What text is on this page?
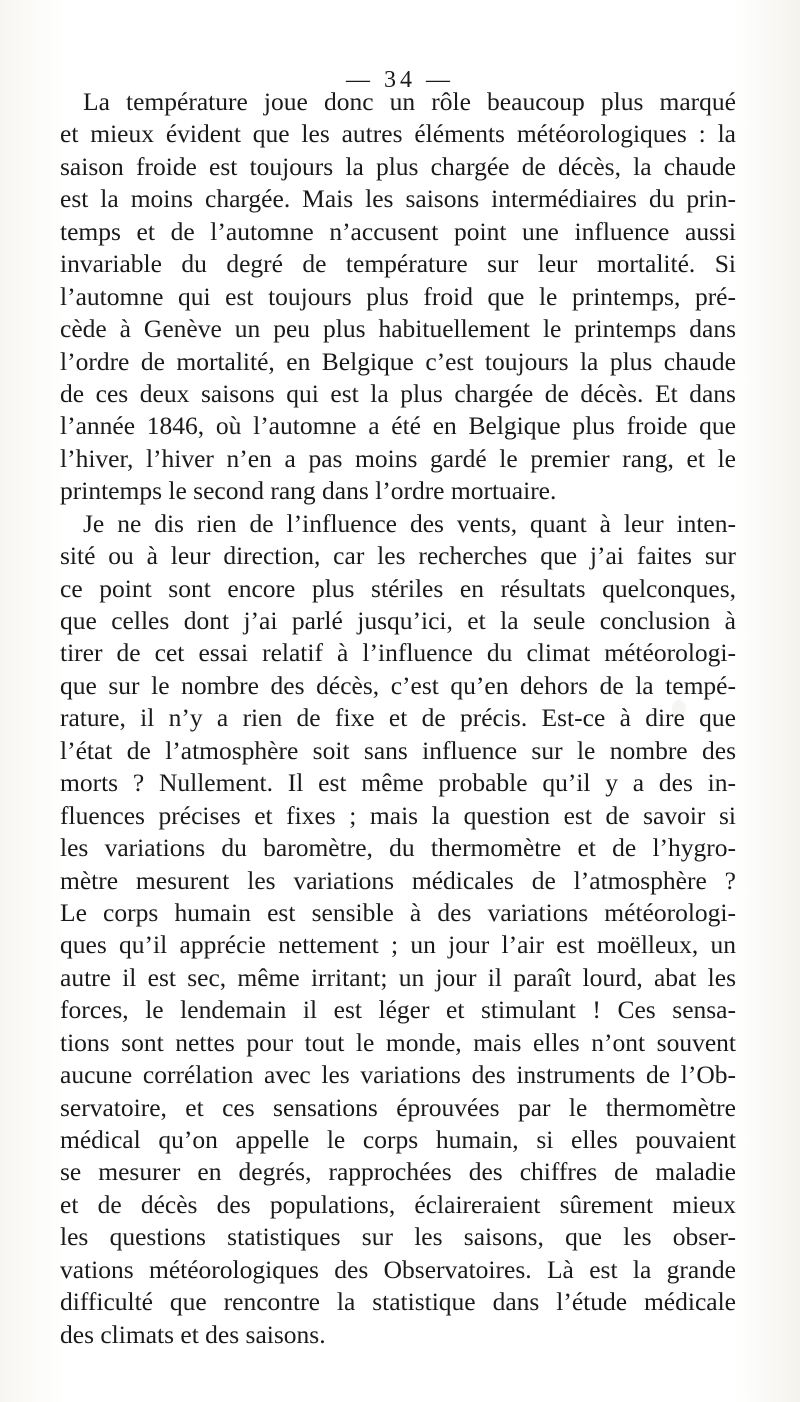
— 34 —
La température joue donc un rôle beaucoup plus marqué
et mieux évident que les autres éléments météorologiques : la
saison froide est toujours la plus chargée de décès, la chaude
est la moins chargée. Mais les saisons intermédiaires du prin-
temps et de l’automne n’accusent point une influence aussi
invariable du degré de température sur leur mortalité. Si
l’automne qui est toujours plus froid que le printemps, pré-
cède à Genève un peu plus habituellement le printemps dans
l’ordre de mortalité, en Belgique c’est toujours la plus chaude
de ces deux saisons qui est la plus chargée de décès. Et dans
l’année 1846, où l’automne a été en Belgique plus froide que
l’hiver, l’hiver n’en a pas moins gardé le premier rang, et le
printemps le second rang dans l’ordre mortuaire.
Je ne dis rien de l’influence des vents, quant à leur inten-
sité ou à leur direction, car les recherches que j’ai faites sur
ce point sont encore plus stériles en résultats quelconques,
que celles dont j’ai parlé jusqu’ici, et la seule conclusion à
tirer de cet essai relatif à l’influence du climat météorologi-
que sur le nombre des décès, c’est qu’en dehors de la tempé-
rature, il n’y a rien de fixe et de précis. Est-ce à dire que
l’état de l’atmosphère soit sans influence sur le nombre des
morts ? Nullement. Il est même probable qu’il y a des in-
fluences précises et fixes ; mais la question est de savoir si
les variations du baromètre, du thermomètre et de l’hygro-
mètre mesurent les variations médicales de l’atmosphère ?
Le corps humain est sensible à des variations météorologi-
ques qu’il apprécie nettement ; un jour l’air est moëlleux, un
autre il est sec, même irritant; un jour il paraît lourd, abat les
forces, le lendemain il est léger et stimulant ! Ces sensa-
tions sont nettes pour tout le monde, mais elles n’ont souvent
aucune corrélation avec les variations des instruments de l’Ob-
servatoire, et ces sensations éprouvées par le thermomètre
médical qu’on appelle le corps humain, si elles pouvaient
se mesurer en degrés, rapprochées des chiffres de maladie
et de décès des populations, éclaireraient sûrement mieux
les questions statistiques sur les saisons, que les obser-
vations météorologiques des Observatoires. Là est la grande
difficulté que rencontre la statistique dans l’étude médicale
des climats et des saisons.
